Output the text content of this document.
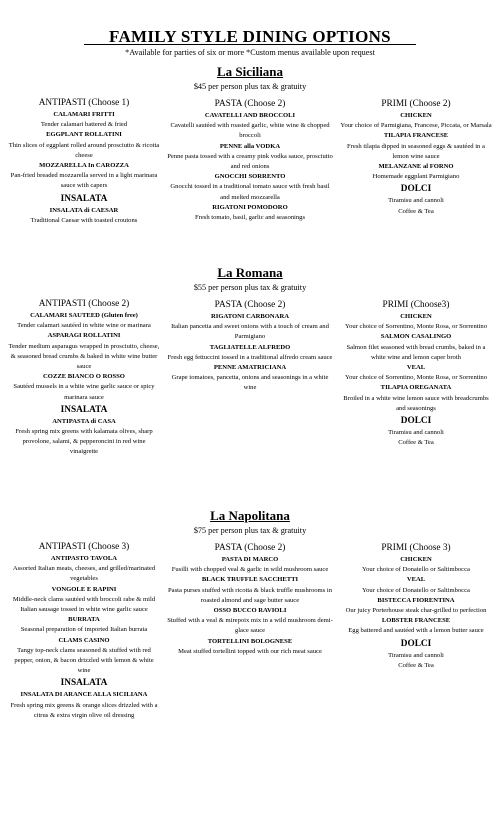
FAMILY STYLE DINING OPTIONS
*Available for parties of six or more *Custom menus available upon request
La Siciliana
$45 per person plus tax & gratuity
ANTIPASTI (Choose 1)
CALAMARI FRITTI
Tender calamari battered & fried
EGGPLANT ROLLATINI
Thin slices of eggplant rolled around prosciutto & ricotta cheese
MOZZARELLA In CAROZZA
Pan-fried breaded mozzarella served in a light marinara sauce with capers
INSALATA
INSALATA di CAESAR
Traditional Caesar with toasted croutons
PASTA (Choose 2)
CAVATELLI AND BROCCOLI
Cavatelli sautéed with roasted garlic, white wine & chopped broccoli
PENNE alla VODKA
Penne pasta tossed with a creamy pink vodka sauce, prosciutto and red onions
GNOCCHI SORRENTO
Gnocchi tossed in a traditional tomato sauce with fresh basil and melted mozzarella
RIGATONI POMODORO
Fresh tomato, basil, garlic and seasonings
PRIMI (Choose 2)
CHICKEN
Your choice of Parmigiana, Francese, Piccata, or Marsala
TILAPIA FRANCESE
Fresh tilapia dipped in seasoned eggs & sautéed in a lemon wine sauce
MELANZANE al FORNO
Homemade eggplant Parmigiano
DOLCI
Tiramisu and cannoli
Coffee & Tea
La Romana
$55 per person plus tax & gratuity
ANTIPASTI (Choose 2)
CALAMARI SAUTEED (Gluten free)
Tender calamari sautéed in white wine or marinara
ASPARAGI ROLLATINI
Tender medium asparagus wrapped in prosciutto, cheese, & seasoned bread crumbs & baked in white wine butter sauce
COZZE BIANCO O ROSSO
Sautéed mussels in a white wine garlic sauce or spicy marinara sauce
INSALATA
ANTIPASTA di CASA
Fresh spring mix greens with kalamata olives, sharp provolone, salami, & pepperoncini in red wine vinaigrette
PASTA (Choose 2)
RIGATONI CARBONARA
Italian pancetta and sweet onions with a touch of cream and Parmigiano
TAGLIATELLE ALFREDO
Fresh egg fettuccini tossed in a traditional alfredo cream sauce
PENNE AMATRICIANA
Grape tomatoes, pancetta, onions and seasonings in a white wine
PRIMI (Choose3)
CHICKEN
Your choice of Sorrentino, Monte Rosa, or Sorrentino
SALMON CASALINGO
Salmon filet seasoned with bread crumbs, baked in a white wine and lemon caper broth
VEAL
Your choice of Sorrentino, Monte Rosa, or Sorrentino
TILAPIA OREGANATA
Broiled in a white wine lemon sauce with breadcrumbs and seasonings
DOLCI
Tiramisu and cannoli
Coffee & Tea
La Napolitana
$75 per person plus tax & gratuity
ANTIPASTI (Choose 3)
ANTIPASTO TAVOLA
Assorted Italian meats, cheeses, and grilled/marinated vegetables
VONGOLE E RAPINI
Middle-neck clams sautéed with broccoli rabe & mild Italian sausage tossed in white wine garlic sauce
BURRATA
Seasonal preparation of imported Italian burrata
CLAMS CASINO
Tangy top-neck clams seasoned & stuffed with red pepper, onion, & bacon drizzled with lemon & white wine
INSALATA
INSALATA DI ARANCE ALLA SICILIANA
Fresh spring mix greens & orange slices drizzled with a citrus & extra virgin olive oil dressing
PASTA (Choose 2)
PASTA DI MARCO
Fusilli with chopped veal & garlic in wild mushroom sauce
BLACK TRUFFLE SACCHETTI
Pasta purses stuffed with ricotta & black truffle mushrooms in roasted almond and sage butter sauce
OSSO BUCCO RAVIOLI
Stuffed with a veal & mirepoix mix in a wild mushroom demi-glace sauce
TORTELLINI BOLOGNESE
Meat stuffed tortellini topped with our rich meat sauce
PRIMI (Choose 3)
CHICKEN
Your choice of Donatello or Saltimbocca
VEAL
Your choice of Donatello or Saltimbocca
BISTECCA FIORENTINA
Our juicy Porterhouse steak char-grilled to perfection
LOBSTER FRANCESE
Egg battered and sautéed with a lemon butter sauce
DOLCI
Tiramisu and cannoli
Coffee & Tea
